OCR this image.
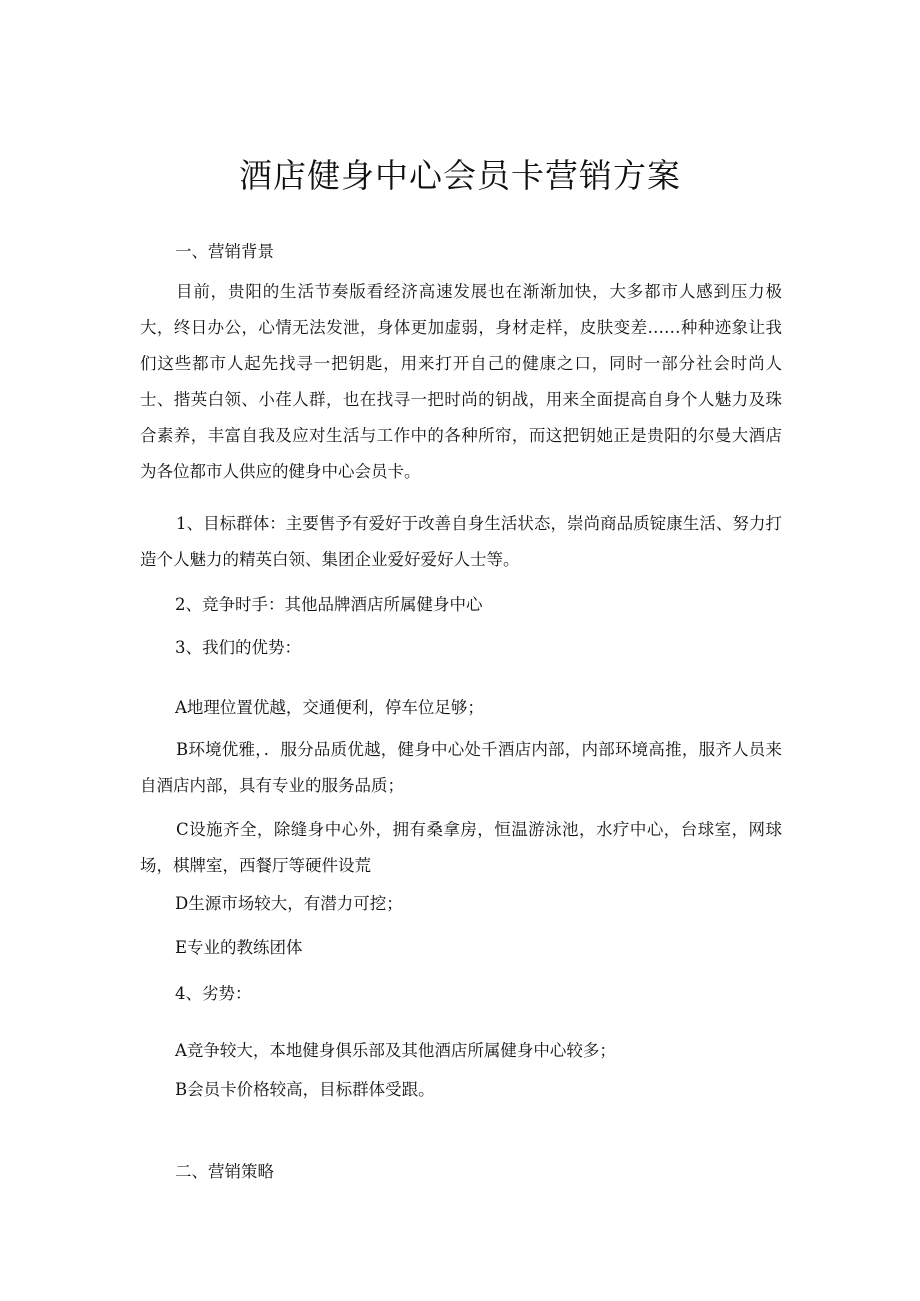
酒店健身中心会员卡营销方案

一、营销背景

目前，贵阳的生活节奏版看经济高速发展也在渐渐加快，大多都市人感到压力极大，终日办公，心情无法发泄，身体更加虚弱，身材走样，皮肤变差……种种迹象让我们这些都市人起先找寻一把钥匙，用来打开自己的健康之口，同时一部分社会时尚人士、揩英白领、小荏人群，也在找寻一把时尚的钥战，用来全面提高自身个人魅力及珠合素养，丰富自我及应对生活与工作中的各种所帘，而这把钥她正是贵阳的尔曼大酒店为各位都市人供应的健身中心会员卡。

1、目标群体：主要售予有爱好于改善自身生活状态，崇尚商品质锭康生活、努力打造个人魅力的精英白领、集团企业爱好爱好人士等。

2、竞争时手：其他品牌酒店所属健身中心

3、我们的优势：

A地理位置优越，交通便利，停车位足够；

B环境优雅，．服分品质优越，健身中心处千酒店内部，内部环境高推，服齐人员来自酒店内部，具有专业的服务品质；

C设施齐全，除缝身中心外，拥有桑拿房，恒温游泳池，水疗中心，台球室，网球场，棋牌室，西餐厅等硬件设荒

D生源市场较大，有潜力可挖；

E专业的教练团体

4、劣势：

A竞争较大，本地健身俱乐部及其他酒店所属健身中心较多；

B会员卡价格较高，目标群体受跟。

二、营销策略
